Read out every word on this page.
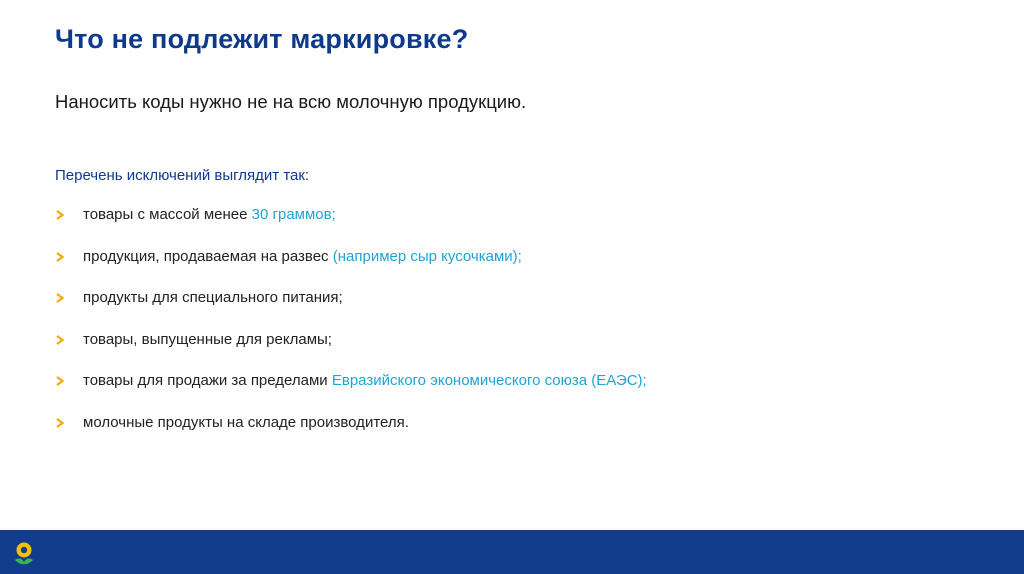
Что не подлежит маркировке?

Наносить коды нужно не на всю молочную продукцию.

Перечень исключений выглядит так:

товары с массой менее 30 граммов;
продукция, продаваемая на развес (например сыр кусочками);
продукты для специального питания;
товары, выпущенные для рекламы;
товары для продажи за пределами Евразийского экономического союза (ЕАЭС);
молочные продукты на складе производителя.
